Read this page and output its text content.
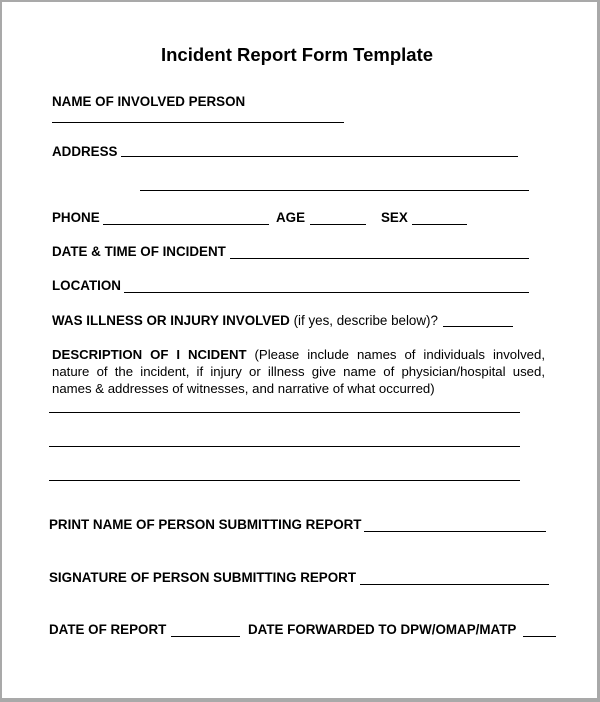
Incident Report Form Template
NAME OF INVOLVED PERSON
ADDRESS
PHONE	AGE	SEX
DATE & TIME OF INCIDENT
LOCATION
WAS ILLNESS OR INJURY INVOLVED (if yes, describe below)?
DESCRIPTION OF I NCIDENT (Please include names of individuals involved,
nature of the incident, if injury or illness give name of physician/hospital used,
names & addresses of witnesses, and narrative of what occurred)
PRINT NAME OF PERSON SUBMITTING REPORT
SIGNATURE OF PERSON SUBMITTING REPORT
DATE OF REPORT	DATE FORWARDED TO DPW/OMAP/MATP
